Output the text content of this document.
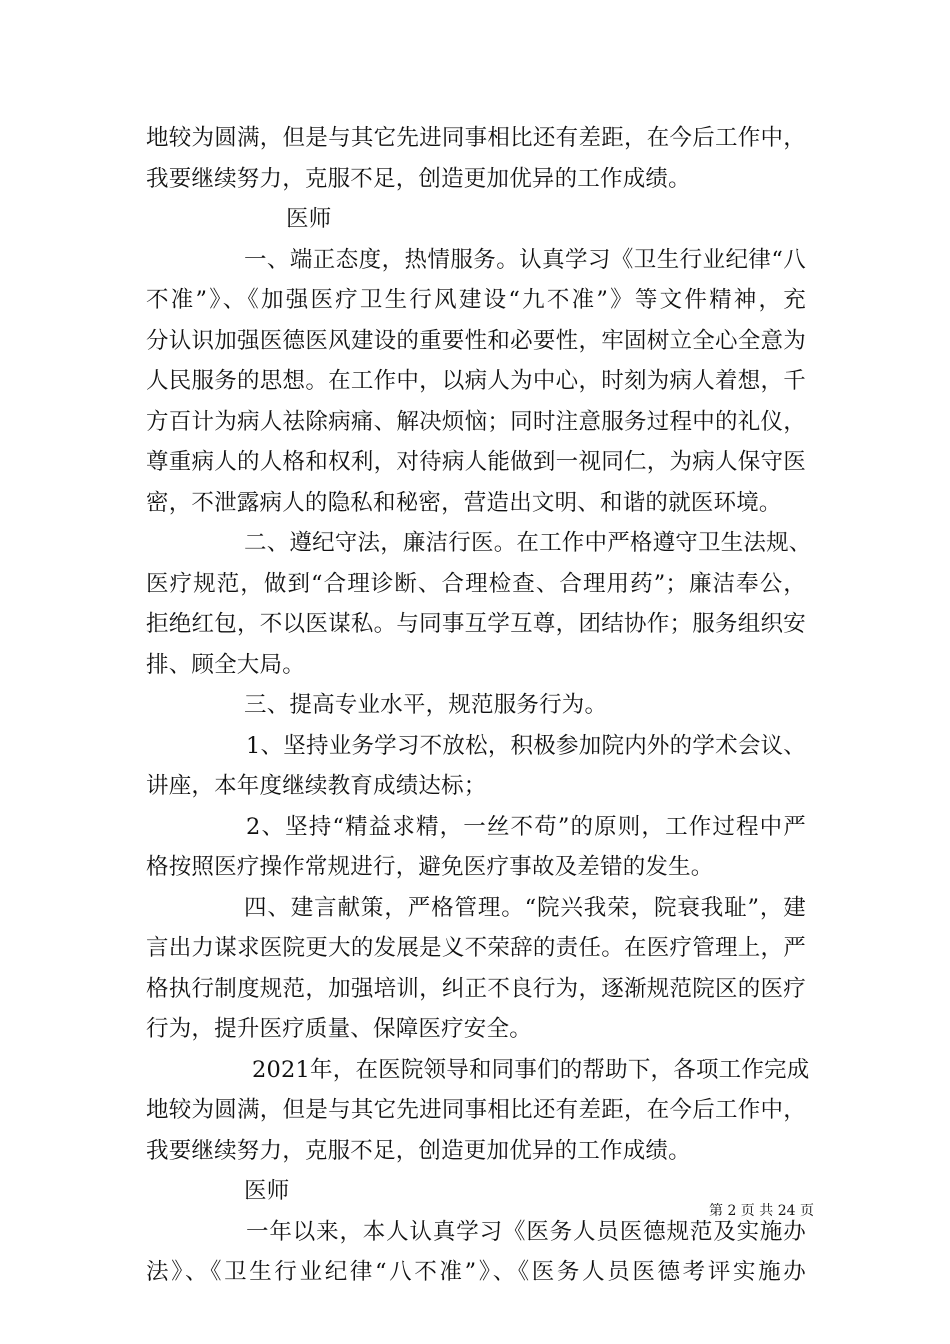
地较为圆满，但是与其它先进同事相比还有差距，在今后工作中，
我要继续努力，克服不足，创造更加优异的工作成绩。
医师
一、端正态度，热情服务。认真学习《卫生行业纪律“八
不准”》、《加强医疗卫生行风建设“九不准”》等文件精神，充
分认识加强医德医风建设的重要性和必要性，牢固树立全心全意为
人民服务的思想。在工作中，以病人为中心，时刻为病人着想，千
方百计为病人祛除病痛、解决烦恼；同时注意服务过程中的礼仪，
尊重病人的人格和权利，对待病人能做到一视同仁，为病人保守医
密，不泄露病人的隐私和秘密，营造出文明、和谐的就医环境。
二、遵纪守法，廉洁行医。在工作中严格遵守卫生法规、
医疗规范，做到“合理诊断、合理检查、合理用药”；廉洁奉公，
拒绝红包，不以医谋私。与同事互学互尊，团结协作；服务组织安
排、顾全大局。
三、提高专业水平，规范服务行为。
1、坚持业务学习不放松，积极参加院内外的学术会议、
讲座，本年度继续教育成绩达标；
2、坚持“精益求精，一丝不苟”的原则，工作过程中严
格按照医疗操作常规进行，避免医疗事故及差错的发生。
四、建言献策，严格管理。“院兴我荣，院衰我耻”，建
言出力谋求医院更大的发展是义不荣辞的责任。在医疗管理上，严
格执行制度规范，加强培训，纠正不良行为，逐渐规范院区的医疗
行为，提升医疗质量、保障医疗安全。
2021年，在医院领导和同事们的帮助下，各项工作完成
地较为圆满，但是与其它先进同事相比还有差距，在今后工作中，
我要继续努力，克服不足，创造更加优异的工作成绩。
医师
一年以来，本人认真学习《医务人员医德规范及实施办
法》、《卫生行业纪律“八不准”》、《医务人员医德考评实施办
第 2 页 共 24 页
